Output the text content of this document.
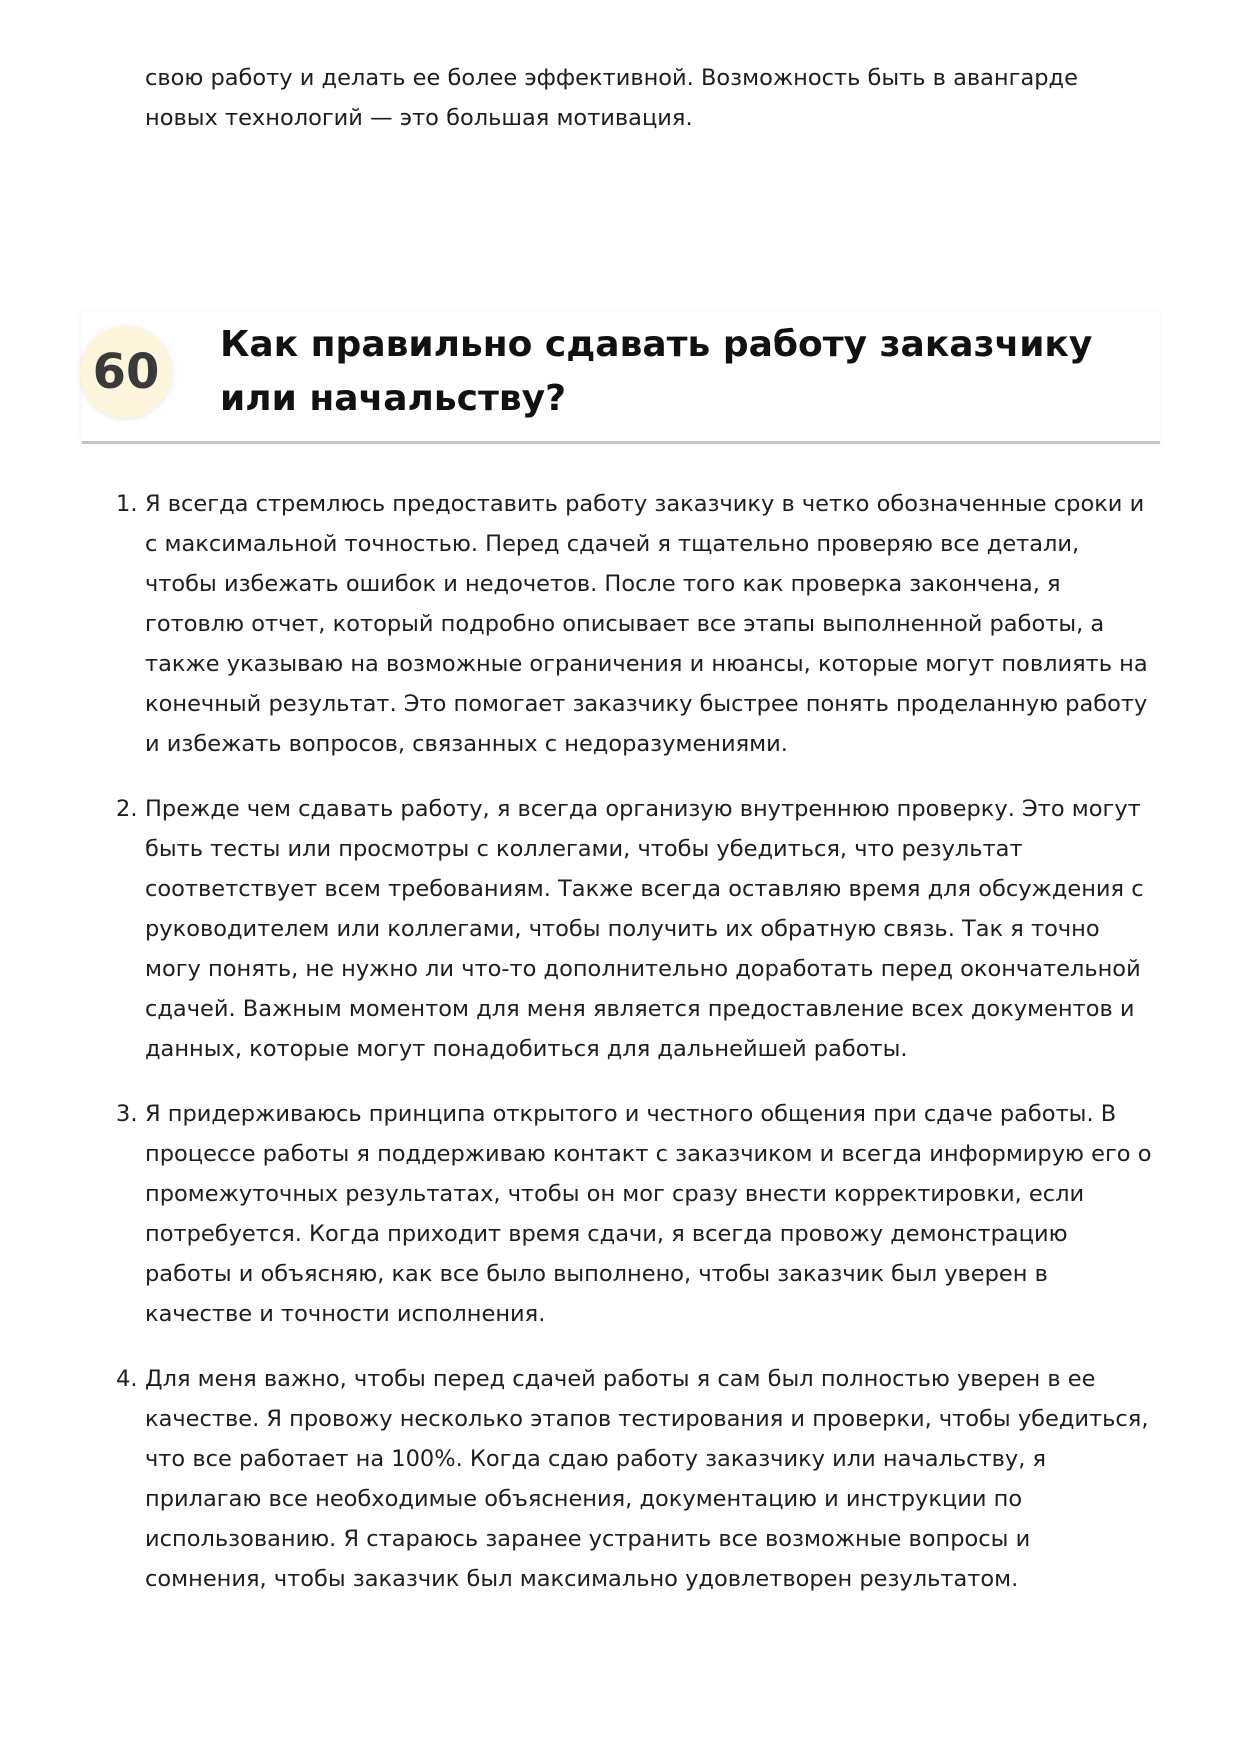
свою работу и делать ее более эффективной. Возможность быть в авангарде новых технологий — это большая мотивация.

60	Как правильно сдавать работу заказчику или начальству?
1. Я всегда стремлюсь предоставить работу заказчику в четко обозначенные сроки и с максимальной точностью. Перед сдачей я тщательно проверяю все детали, чтобы избежать ошибок и недочетов. После того как проверка закончена, я готовлю отчет, который подробно описывает все этапы выполненной работы, а также указываю на возможные ограничения и нюансы, которые могут повлиять на конечный результат. Это помогает заказчику быстрее понять проделанную работу и избежать вопросов, связанных с недоразумениями.
2. Прежде чем сдавать работу, я всегда организую внутреннюю проверку. Это могут быть тесты или просмотры с коллегами, чтобы убедиться, что результат соответствует всем требованиям. Также всегда оставляю время для обсуждения с руководителем или коллегами, чтобы получить их обратную связь. Так я точно могу понять, не нужно ли что-то дополнительно доработать перед окончательной сдачей. Важным моментом для меня является предоставление всех документов и данных, которые могут понадобиться для дальнейшей работы.
3. Я придерживаюсь принципа открытого и честного общения при сдаче работы. В процессе работы я поддерживаю контакт с заказчиком и всегда информирую его о промежуточных результатах, чтобы он мог сразу внести корректировки, если потребуется. Когда приходит время сдачи, я всегда провожу демонстрацию работы и объясняю, как все было выполнено, чтобы заказчик был уверен в качестве и точности исполнения.
4. Для меня важно, чтобы перед сдачей работы я сам был полностью уверен в ее качестве. Я провожу несколько этапов тестирования и проверки, чтобы убедиться, что все работает на 100%. Когда сдаю работу заказчику или начальству, я прилагаю все необходимые объяснения, документацию и инструкции по использованию. Я стараюсь заранее устранить все возможные вопросы и сомнения, чтобы заказчик был максимально удовлетворен результатом.
